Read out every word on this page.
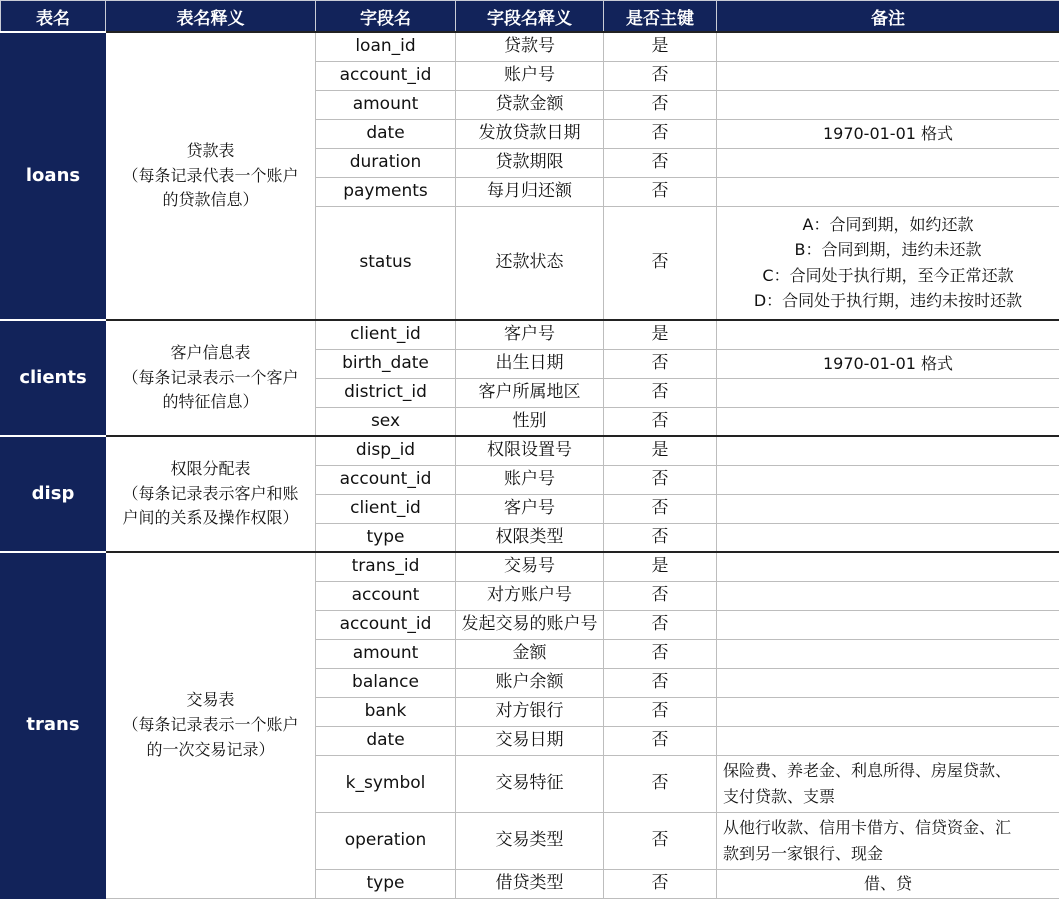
表名	表名释义	字段名	字段名释义	是否主键	备注
loans	贷款表
（每条记录代表一个账户
的贷款信息）	loan_id	贷款号	是	
		account_id	账户号	否	
		amount	贷款金额	否	
		date	发放贷款日期	否	1970-01-01 格式
		duration	贷款期限	否	
		payments	每月归还额	否	
		status	还款状态	否	A：合同到期，如约还款
B：合同到期，违约未还款
C：合同处于执行期，至今正常还款
D：合同处于执行期，违约未按时还款

clients	客户信息表
（每条记录表示一个客户
的特征信息）	client_id	客户号	是	
		birth_date	出生日期	否	1970-01-01 格式
		district_id	客户所属地区	否	
		sex	性别	否	
disp	权限分配表
（每条记录表示客户和账
户间的关系及操作权限）	disp_id	权限设置号	是	
		account_id	账户号	否	
		client_id	客户号	否	
		type	权限类型	否	
trans	交易表
（每条记录表示一个账户
的一次交易记录）	trans_id	交易号	是	
		account	对方账户号	否	
		account_id	发起交易的账户号	否	
		amount	金额	否	
		balance	账户余额	否	
		bank	对方银行	否	
		date	交易日期	否	
		k_symbol	交易特征	否	保险费、养老金、利息所得、房屋贷款、
支付贷款、支票

		operation	交易类型	否	从他行收款、信用卡借方、信贷资金、汇
款到另一家银行、现金

		type	借贷类型	否	借、贷
